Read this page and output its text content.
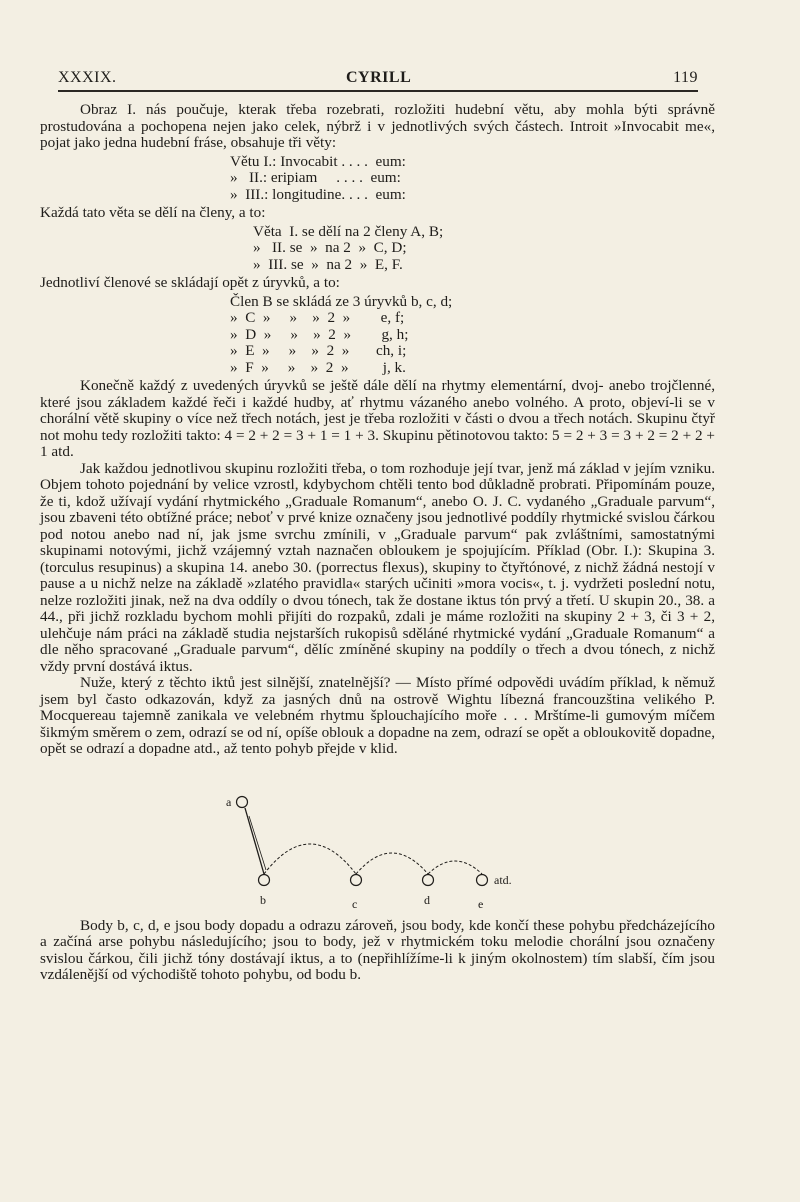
XXXIX.	CYRILL	119

Obraz I. nás poučuje, kterak třeba rozebrati, rozložiti hudební větu, aby mohla býti správně prostudována a pochopena nejen jako celek, nýbrž i v jednotlivých svých částech. Introit »Invocabit me«, pojat jako jedna hudební fráse, obsahuje tři věty:

Větu I.: Invocabit . . . .  eum:
»   II.: eripiam     . . . .  eum:
»  III.: longitudine. . . .  eum:

Každá tato věta se dělí na členy, a to:

Věta  I. se dělí na 2 členy A, B;
»   II. se  »  na 2  »  C, D;
»  III. se  »  na 2  »  E, F.

Jednotliví členové se skládají opět z úryvků, a to:

Člen B se skládá ze 3 úryvků b, c, d;
»  C  »     »    »  2  »        e, f;
»  D  »     »    »  2  »        g, h;
»  E  »     »    »  2  »       ch, i;
»  F  »     »    »  2  »         j, k.

Konečně každý z uvedených úryvků se ještě dále dělí na rhytmy elementární, dvoj- anebo trojčlenné, které jsou základem každé řeči i každé hudby, ať rhytmu vázaného anebo volného. A proto, objeví-li se v chorální větě skupiny o více než třech notách, jest je třeba rozložiti v části o dvou a třech notách. Skupinu čtyř not mohu tedy rozložiti takto: 4 = 2 + 2 = 3 + 1 = 1 + 3. Skupinu pětinotovou takto: 5 = 2 + 3 = 3 + 2 = 2 + 2 + 1 atd.

Jak každou jednotlivou skupinu rozložiti třeba, o tom rozhoduje její tvar, jenž má základ v jejím vzniku. Objem tohoto pojednání by velice vzrostl, kdybychom chtěli tento bod důkladně probrati. Připomínám pouze, že ti, kdož užívají vydání rhytmického „Graduale Romanum“, anebo O. J. C. vydaného „Graduale parvum“, jsou zbaveni této obtížné práce; neboť v prvé knize označeny jsou jednotlivé poddíly rhytmické svislou čárkou pod notou anebo nad ní, jak jsme svrchu zmínili, v „Graduale parvum“ pak zvláštními, samostatnými skupinami notovými, jichž vzájemný vztah naznačen obloukem je spojujícím. Příklad (Obr. I.): Skupina 3. (torculus resupinus) a skupina 14. anebo 30. (porrectus flexus), skupiny to čtyřtónové, z nichž žádná nestojí v pause a u nichž nelze na základě »zlatého pravidla« starých učiniti »mora vocis«, t. j. vydržeti poslední notu, nelze rozložiti jinak, než na dva oddíly o dvou tónech, tak že dostane iktus tón prvý a třetí. U skupin 20., 38. a 44., při jichž rozkladu bychom mohli přijíti do rozpaků, zdali je máme rozložiti na skupiny 2 + 3, či 3 + 2, ulehčuje nám práci na základě studia nejstarších rukopisů sděláné rhytmické vydání „Graduale Romanum“ a dle něho spracované „Graduale parvum“, dělíc zmíněné skupiny na poddíly o třech a dvou tónech, z nichž vždy první dostává iktus.

Nuže, který z těchto iktů jest silnější, znatelnější? — Místo přímé odpovědi uvádím příklad, k němuž jsem byl často odkazován, když za jasných dnů na ostrově Wightu líbezná francouzština velikého P. Mocquereau tajemně zanikala ve velebném rhytmu šplouchajícího moře . . . Mrštíme-li gumovým míčem šikmým směrem o zem, odrazí se od ní, opíše oblouk a dopadne na zem, odrazí se opět a obloukovitě dopadne, opět se odrazí a dopadne atd., až tento pohyb přejde v klid.

a
b	c	d	e
atd.

Body b, c, d, e jsou body dopadu a odrazu zároveň, jsou body, kde končí these pohybu předcházejícího a začíná arse pohybu následujícího; jsou to body, jež v rhytmickém toku melodie chorální jsou označeny svislou čárkou, čili jichž tóny dostávají iktus, a to (nepřihlížíme-li k jiným okolnostem) tím slabší, čím jsou vzdálenější od východiště tohoto pohybu, od bodu b.
